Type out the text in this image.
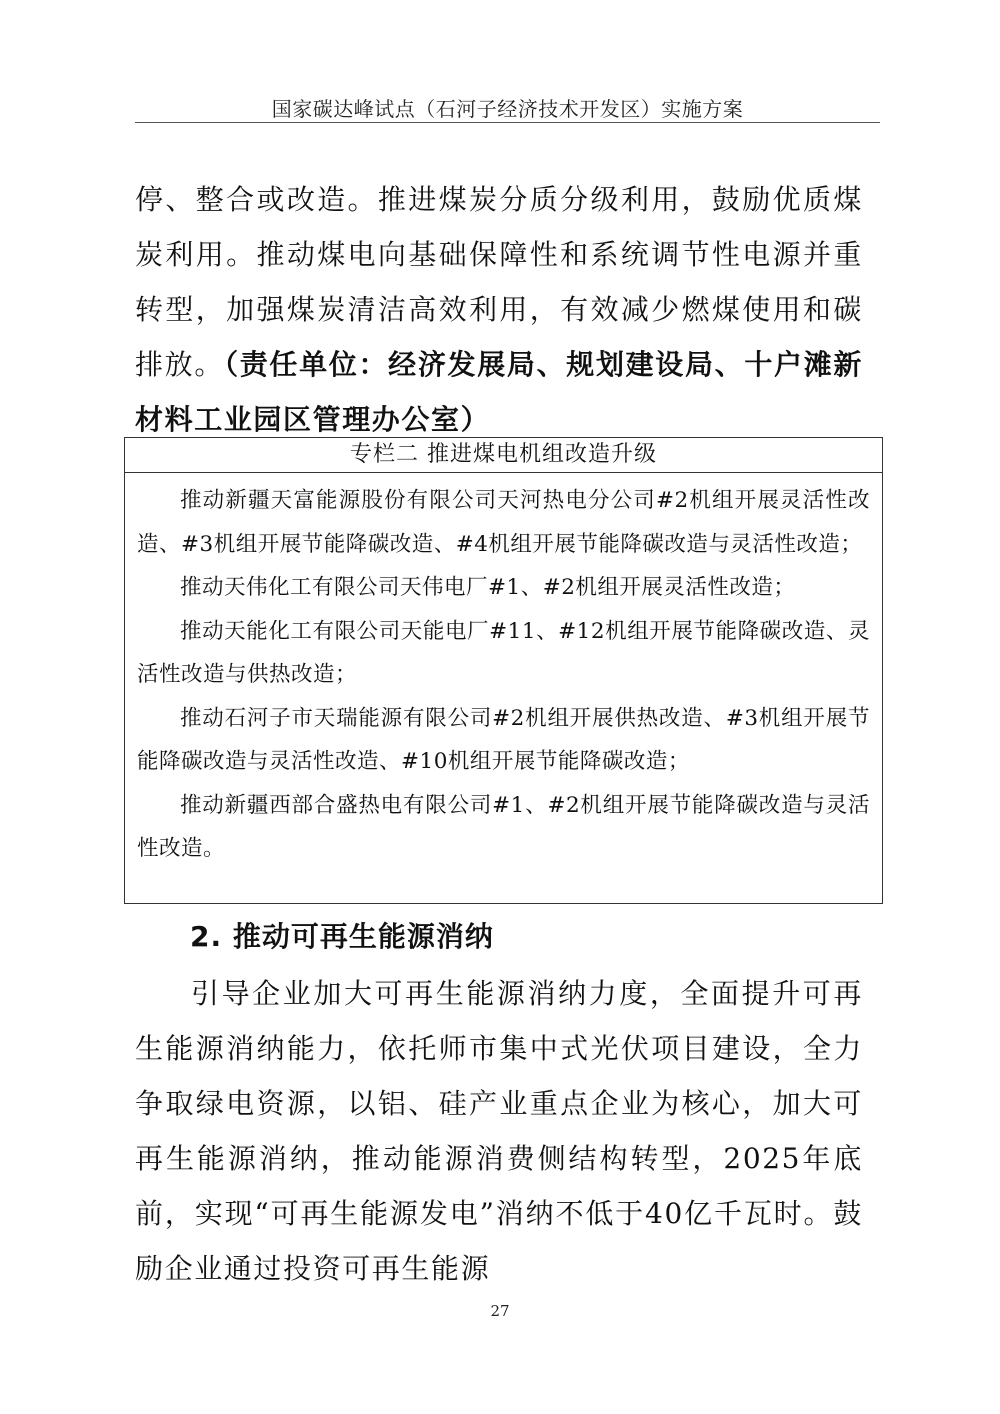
国家碳达峰试点（石河子经济技术开发区）实施方案

停、整合或改造。推进煤炭分质分级利用，鼓励优质煤炭利用。推动煤电向基础保障性和系统调节性电源并重转型，加强煤炭清洁高效利用，有效减少燃煤使用和碳排放。（责任单位：经济发展局、规划建设局、十户滩新材料工业园区管理办公室）

专栏二 推进煤电机组改造升级

推动新疆天富能源股份有限公司天河热电分公司#2机组开展灵活性改造、#3机组开展节能降碳改造、#4机组开展节能降碳改造与灵活性改造；

推动天伟化工有限公司天伟电厂#1、#2机组开展灵活性改造；

推动天能化工有限公司天能电厂#11、#12机组开展节能降碳改造、灵活性改造与供热改造；

推动石河子市天瑞能源有限公司#2机组开展供热改造、#3机组开展节能降碳改造与灵活性改造、#10机组开展节能降碳改造；

推动新疆西部合盛热电有限公司#1、#2机组开展节能降碳改造与灵活性改造。

2. 推动可再生能源消纳

引导企业加大可再生能源消纳力度，全面提升可再生能源消纳能力，依托师市集中式光伏项目建设，全力争取绿电资源，以铝、硅产业重点企业为核心，加大可再生能源消纳，推动能源消费侧结构转型，2025年底前，实现“可再生能源发电”消纳不低于40亿千瓦时。鼓励企业通过投资可再生能源

27
